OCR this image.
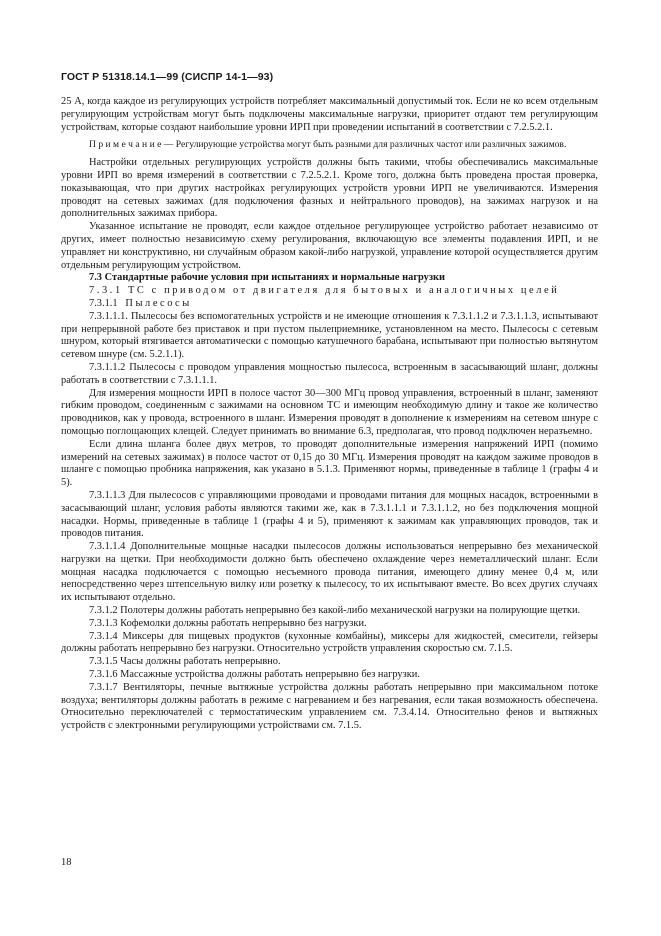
ГОСТ Р 51318.14.1—99 (СИСПР 14-1—93)

25 А, когда каждое из регулирующих устройств потребляет максимальный допустимый ток. Если не ко всем отдельным регулирующим устройствам могут быть подключены максимальные нагрузки, приоритет отдают тем регулирующим устройствам, которые создают наибольшие уровни ИРП при проведении испытаний в соответствии с 7.2.5.2.1.

П р и м е ч а н и е — Регулирующие устройства могут быть разными для различных частот или различных зажимов.

Настройки отдельных регулирующих устройств должны быть такими, чтобы обеспечивались максимальные уровни ИРП во время измерений в соответствии с 7.2.5.2.1. Кроме того, должна быть проведена простая проверка, показывающая, что при других настройках регулирующих устройств уровни ИРП не увеличиваются. Измерения проводят на сетевых зажимах (для подключения фазных и нейтрального проводов), на зажимах нагрузок и на дополнительных зажимах прибора.

Указанное испытание не проводят, если каждое отдельное регулирующее устройство работает независимо от других, имеет полностью независимую схему регулирования, включающую все элементы подавления ИРП, и не управляет ни конструктивно, ни случайным образом какой-либо нагрузкой, управление которой осуществляется другим отдельным регулирующим устройством.

7.3 Стандартные рабочие условия при испытаниях и нормальные нагрузки

7.3.1 ТС с приводом от двигателя для бытовых и аналогичных целей

7.3.1.1 П ы л е с о с ы

7.3.1.1.1. Пылесосы без вспомогательных устройств и не имеющие отношения к 7.3.1.1.2 и 7.3.1.1.3, испытывают при непрерывной работе без приставок и при пустом пылеприемнике, установленном на место. Пылесосы с сетевым шнуром, который втягивается автоматически с помощью катушечного барабана, испытывают при полностью вытянутом сетевом шнуре (см. 5.2.1.1).

7.3.1.1.2 Пылесосы с проводом управления мощностью пылесоса, встроенным в засасывающий шланг, должны работать в соответствии с 7.3.1.1.1.

Для измерения мощности ИРП в полосе частот 30—300 МГц провод управления, встроенный в шланг, заменяют гибким проводом, соединенным с зажимами на основном ТС и имеющим необходимую длину и такое же количество проводников, как у провода, встроенного в шланг. Измерения проводят в дополнение к измерениям на сетевом шнуре с помощью поглощающих клещей. Следует принимать во внимание 6.3, предполагая, что провод подключен неразъемно.

Если длина шланга более двух метров, то проводят дополнительные измерения напряжений ИРП (помимо измерений на сетевых зажимах) в полосе частот от 0,15 до 30 МГц. Измерения проводят на каждом зажиме проводов в шланге с помощью пробника напряжения, как указано в 5.1.3. Применяют нормы, приведенные в таблице 1 (графы 4 и 5).

7.3.1.1.3 Для пылесосов с управляющими проводами и проводами питания для мощных насадок, встроенными в засасывающий шланг, условия работы являются такими же, как в 7.3.1.1.1 и 7.3.1.1.2, но без подключения мощной насадки. Нормы, приведенные в таблице 1 (графы 4 и 5), применяют к зажимам как управляющих проводов, так и проводов питания.

7.3.1.1.4 Дополнительные мощные насадки пылесосов должны использоваться непрерывно без механической нагрузки на щетки. При необходимости должно быть обеспечено охлаждение через неметаллический шланг. Если мощная насадка подключается с помощью несъемного провода питания, имеющего длину менее 0,4 м, или непосредственно через штепсельную вилку или розетку к пылесосу, то их испытывают вместе. Во всех других случаях их испытывают отдельно.

7.3.1.2 Полотеры должны работать непрерывно без какой-либо механической нагрузки на полирующие щетки.

7.3.1.3 Кофемолки должны работать непрерывно без нагрузки.

7.3.1.4 Миксеры для пищевых продуктов (кухонные комбайны), миксеры для жидкостей, смесители, гейзеры должны работать непрерывно без нагрузки. Относительно устройств управления скоростью см. 7.1.5.

7.3.1.5 Часы должны работать непрерывно.

7.3.1.6 Массажные устройства должны работать непрерывно без нагрузки.

7.3.1.7 Вентиляторы, печные вытяжные устройства должны работать непрерывно при максимальном потоке воздуха; вентиляторы должны работать в режиме с нагреванием и без нагревания, если такая возможность обеспечена. Относительно переключателей с термостатическим управлением см. 7.3.4.14. Относительно фенов и вытяжных устройств с электронными регулирующими устройствами см. 7.1.5.

18
